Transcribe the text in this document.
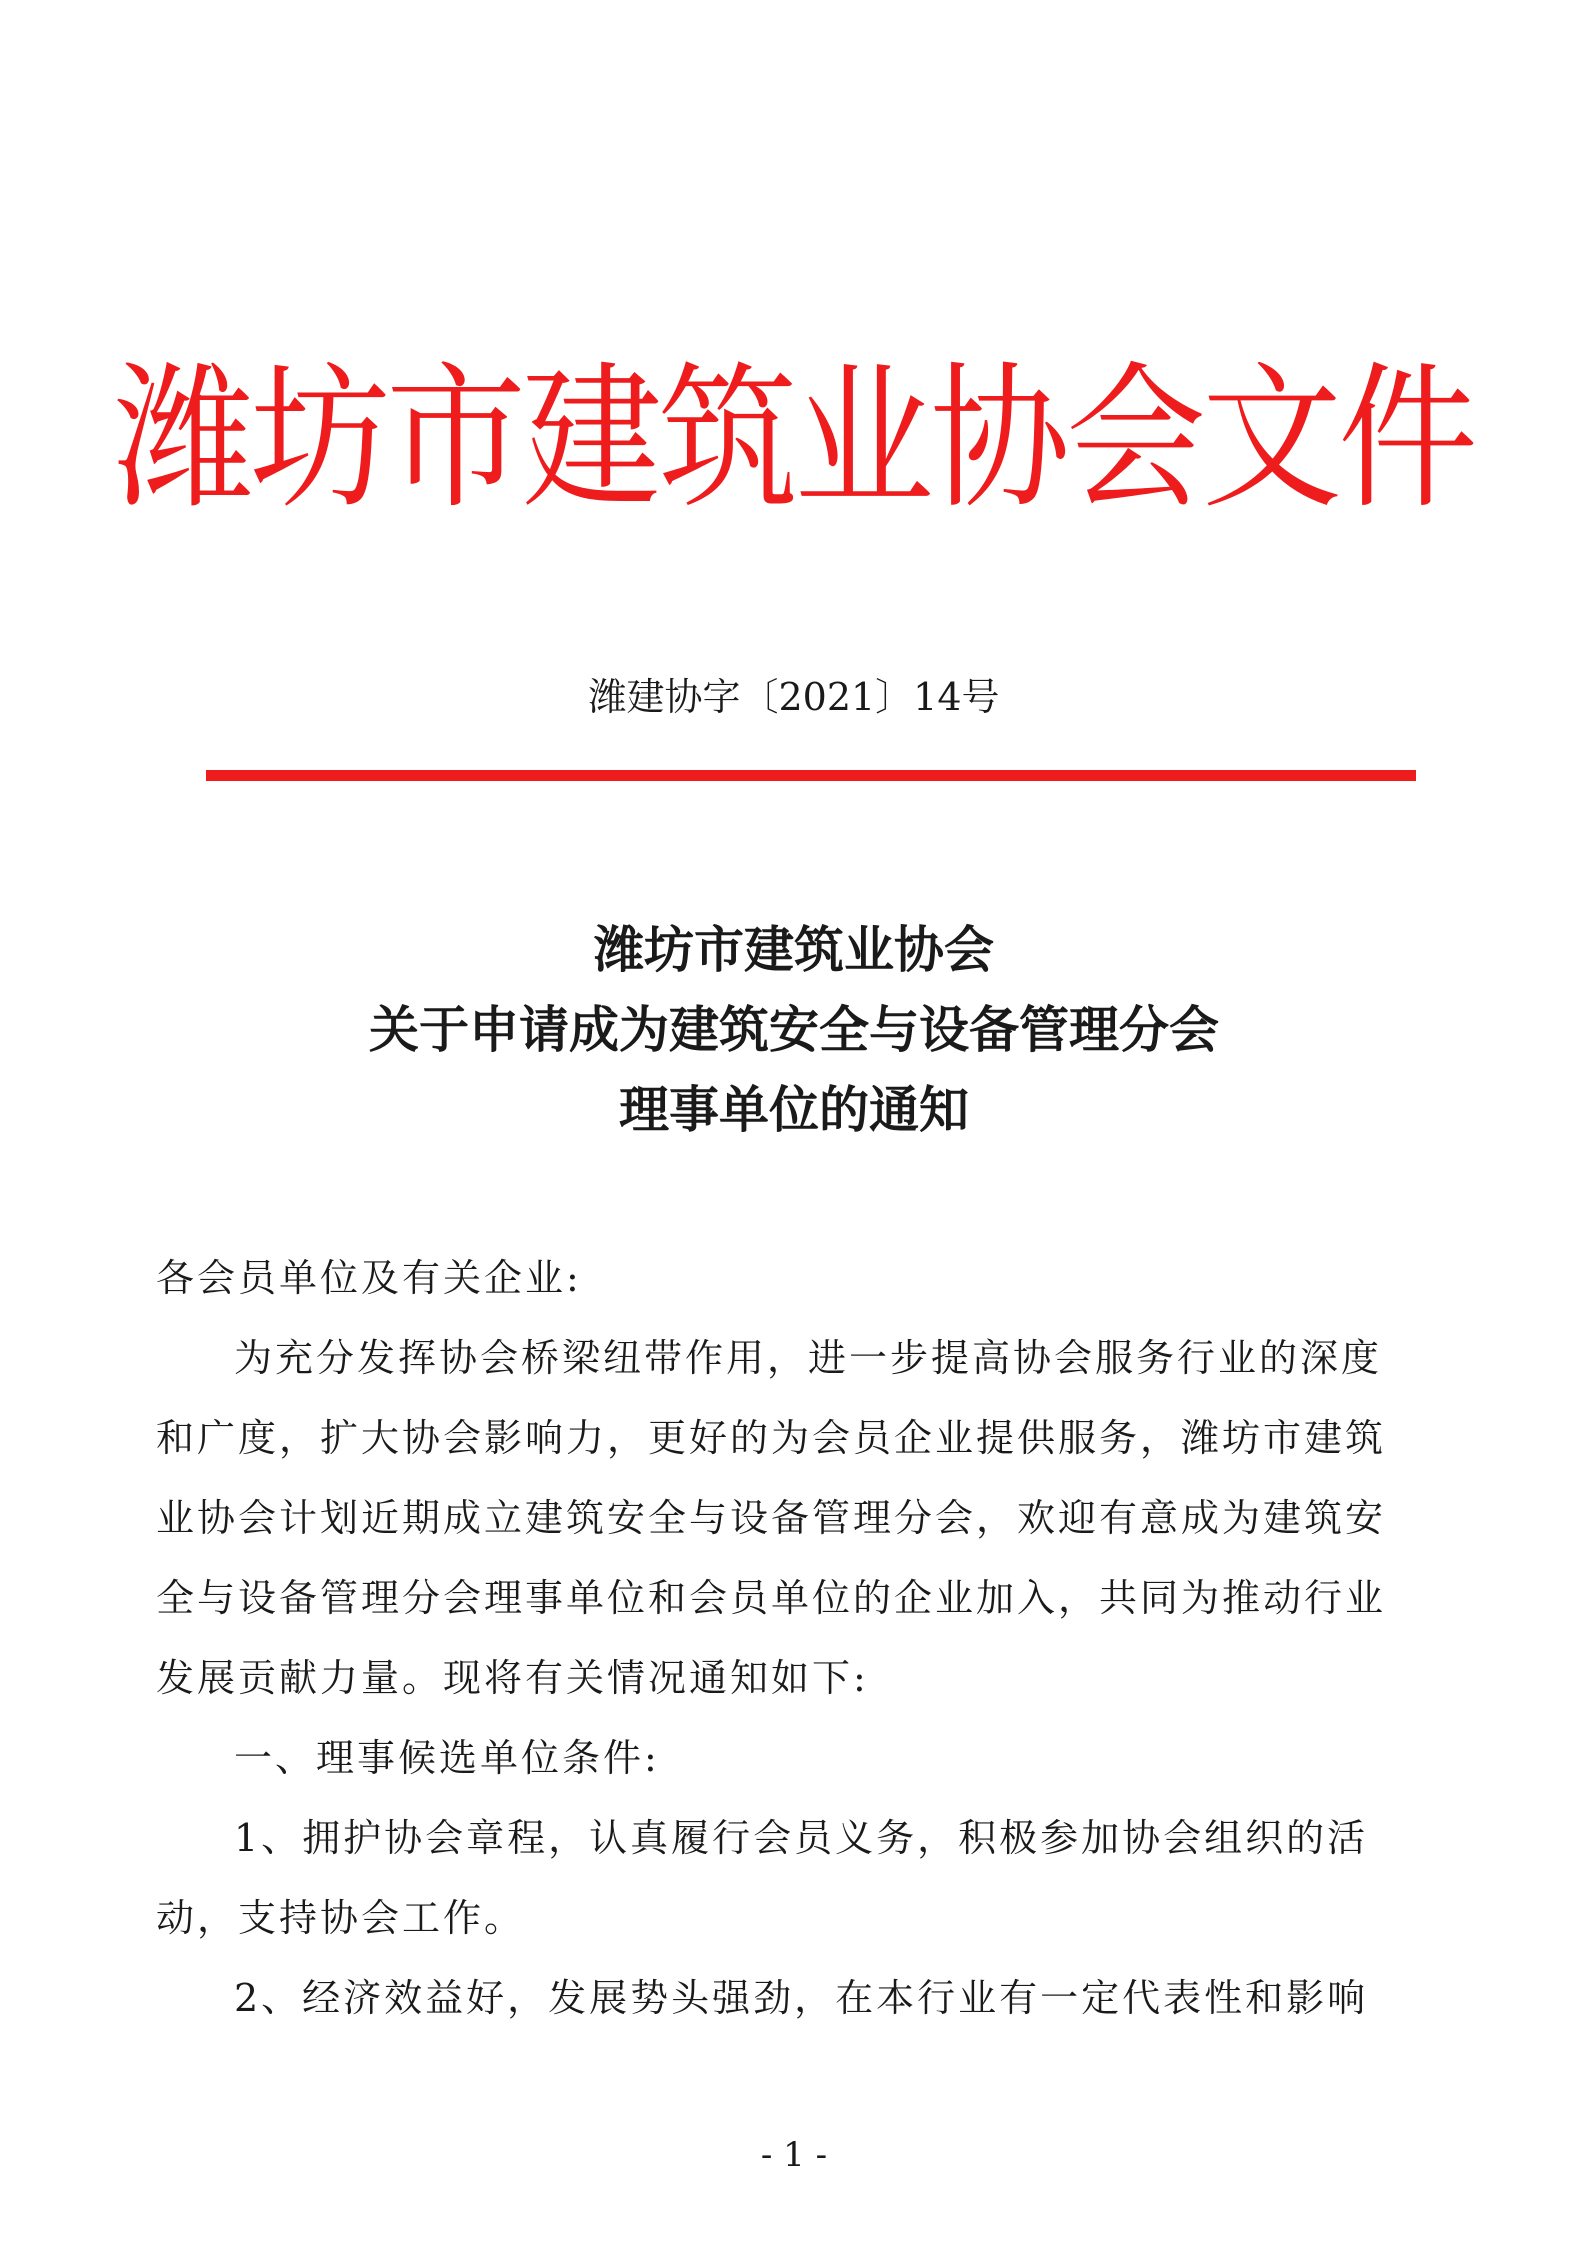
潍坊市建筑业协会文件
潍建协字〔2021〕14号
潍坊市建筑业协会
关于申请成为建筑安全与设备管理分会
理事单位的通知
各会员单位及有关企业:
为充分发挥协会桥梁纽带作用，进一步提高协会服务行业的深度
和广度，扩大协会影响力，更好的为会员企业提供服务，潍坊市建筑
业协会计划近期成立建筑安全与设备管理分会，欢迎有意成为建筑安
全与设备管理分会理事单位和会员单位的企业加入，共同为推动行业
发展贡献力量。现将有关情况通知如下:
一、理事候选单位条件:
1、拥护协会章程，认真履行会员义务，积极参加协会组织的活
动，支持协会工作。
2、经济效益好，发展势头强劲，在本行业有一定代表性和影响
- 1 -
